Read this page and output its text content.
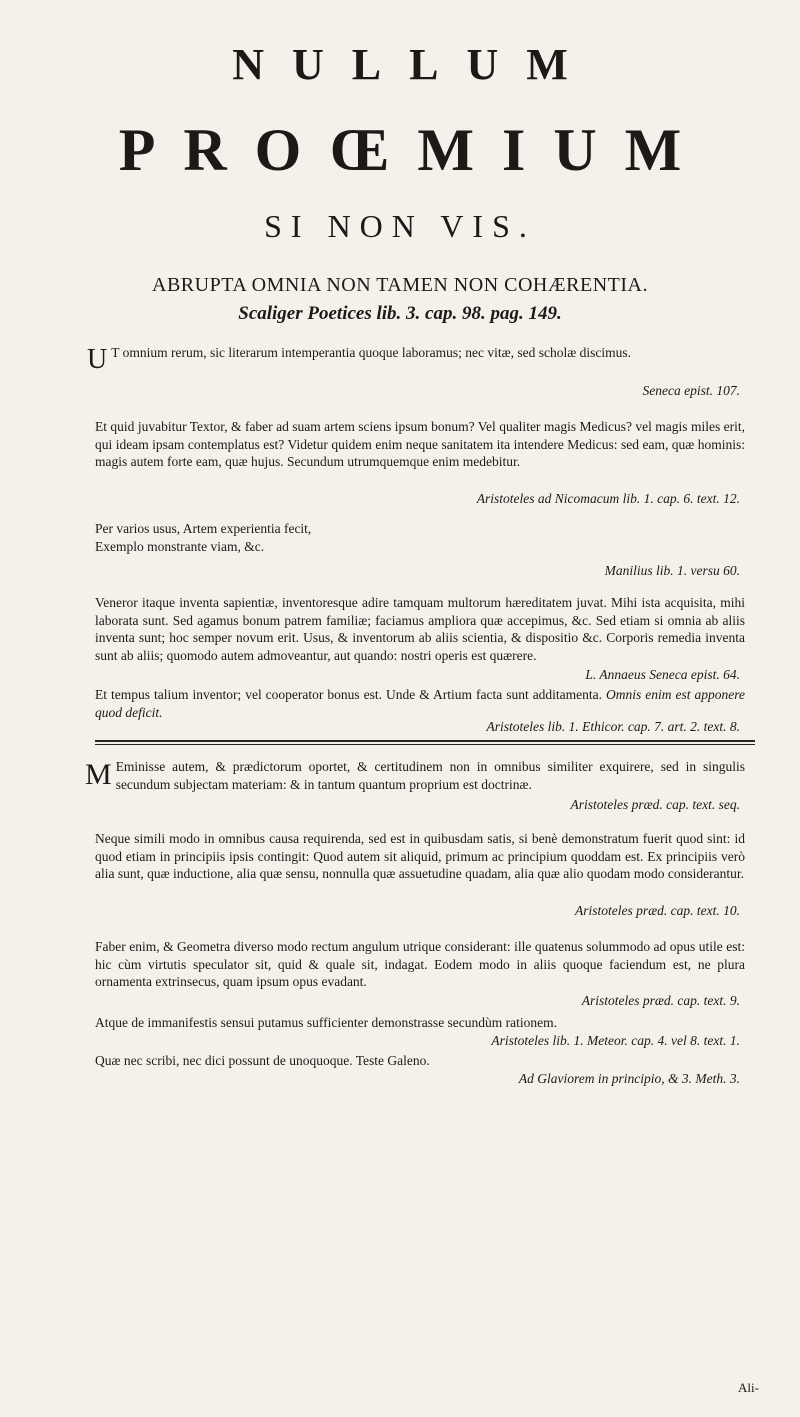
NULLUM
PROŒMIUM
SI NON VIS.
ABRUPTA OMNIA NON TAMEN NON COHÆRENTIA.
Scaliger Poetices lib. 3. cap. 98. pag. 149.
U T omnium rerum, sic literarum intemperantia quoque laboramus; nec vitæ, sed scholæ discimus.
Seneca epist. 107.
Et quid juvabitur Textor, & faber ad suam artem sciens ipsum bonum? Vel qualiter magis Medicus? vel magis miles erit, qui ideam ipsam contemplatus est? Videtur quidem enim neque sanitatem ita intendere Medicus: sed eam, quæ hominis: magis autem forte eam, quæ hujus. Secundum utrumquemque enim medebitur.
Aristoteles ad Nicomacum lib. 1. cap. 6. text. 12.
Per varios usus, Artem experientia fecit,
Exemplo monstrante viam, &c.
Manilius lib. 1. versu 60.
Veneror itaque inventa sapientiæ, inventoresque adire tamquam multorum hæreditatem juvat. Mihi ista acquisita, mihi laborata sunt. Sed agamus bonum patrem familiæ; faciamus ampliora quæ accepimus, &c. Sed etiam si omnia ab aliis inventa sunt; hoc semper novum erit. Usus, & inventorum ab aliis scientia, & dispositio &c. Corporis remedia inventa sunt ab aliis; quomodo autem admoveantur, aut quando: nostri operis est quærere.
L. Annaeus Seneca epist. 64.
Et tempus talium inventor; vel cooperator bonus est. Unde & Artium facta sunt additamenta. Omnis enim est apponere quod deficit.
Aristoteles lib. 1. Ethicor. cap. 7. art. 2. text. 8.
M Eminisse autem, & prædictorum oportet, & certitudinem non in omnibus similiter exquirere, sed in singulis secundum subjectam materiam: & in tantum quantum proprium est doctrinæ.
Aristoteles præd. cap. text. seq.
Neque simili modo in omnibus causa requirenda, sed est in quibusdam satis, si benè demonstratum fuerit quod sint: id quod etiam in principiis ipsis contingit: Quod autem sit aliquid, primum ac principium quoddam est. Ex principiis verò alia sunt, quæ inductione, alia quæ sensu, nonnulla quæ assuetudine quadam, alia quæ alio quodam modo considerantur.
Aristoteles præd. cap. text. 10.
Faber enim, & Geometra diverso modo rectum angulum utrique considerant: ille quatenus solummodo ad opus utile est: hic cùm virtutis speculator sit, quid & quale sit, indagat. Eodem modo in aliis quoque faciendum est, ne plura ornamenta extrinsecus, quam ipsum opus evadant.
Aristoteles præd. cap. text. 9.
Atque de immanifestis sensui putamus sufficienter demonstrasse secundùm rationem.
Aristoteles lib. 1. Meteor. cap. 4. vel 8. text. 1.
Quæ nec scribi, nec dici possunt de unoquoque. Teste Galeno.
Ad Glaviorem in principio, & 3. Meth. 3.
Ali-
